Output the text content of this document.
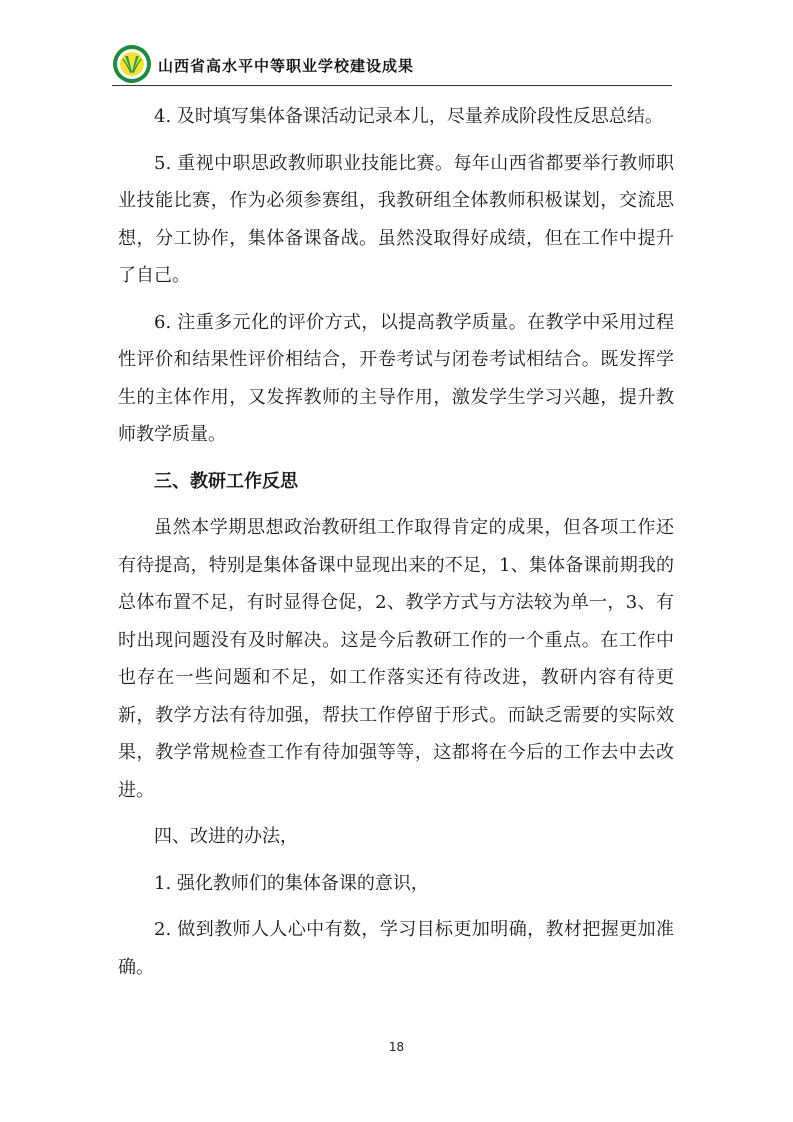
山西省高水平中等职业学校建设成果

4. 及时填写集体备课活动记录本儿，尽量养成阶段性反思总结。

5. 重视中职思政教师职业技能比赛。每年山西省都要举行教师职业技能比赛，作为必须参赛组，我教研组全体教师积极谋划，交流思想，分工协作，集体备课备战。虽然没取得好成绩，但在工作中提升了自己。

6. 注重多元化的评价方式，以提高教学质量。在教学中采用过程性评价和结果性评价相结合，开卷考试与闭卷考试相结合。既发挥学生的主体作用，又发挥教师的主导作用，激发学生学习兴趣，提升教师教学质量。

三、教研工作反思

虽然本学期思想政治教研组工作取得肯定的成果，但各项工作还有待提高，特别是集体备课中显现出来的不足，1、集体备课前期我的总体布置不足，有时显得仓促，2、教学方式与方法较为单一，3、有时出现问题没有及时解决。这是今后教研工作的一个重点。在工作中也存在一些问题和不足，如工作落实还有待改进，教研内容有待更新，教学方法有待加强，帮扶工作停留于形式。而缺乏需要的实际效果，教学常规检查工作有待加强等等，这都将在今后的工作去中去改进。

四、改进的办法，

1. 强化教师们的集体备课的意识，

2. 做到教师人人心中有数，学习目标更加明确，教材把握更加准确。

18
